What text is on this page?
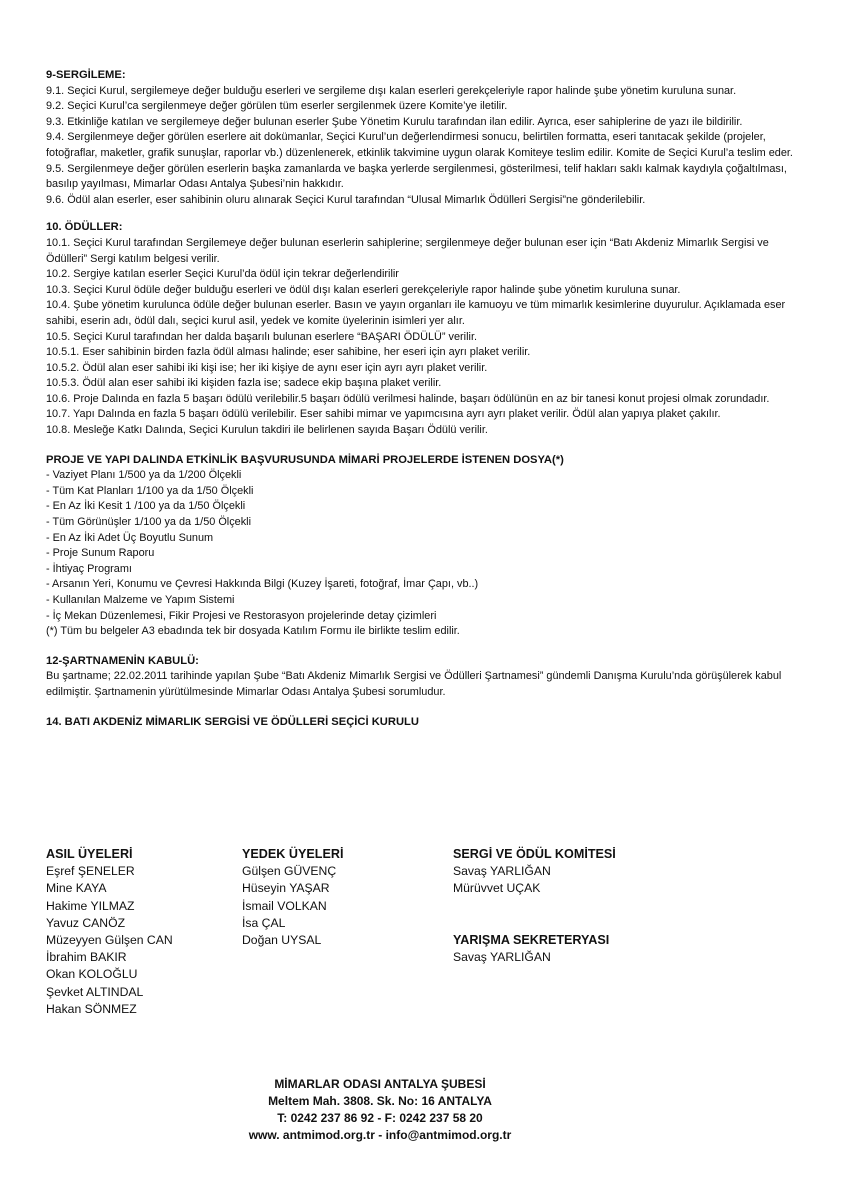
9-SERGİLEME:

9.1. Seçici Kurul, sergilemeye değer bulduğu eserleri ve sergileme dışı kalan eserleri gerekçeleriyle rapor halinde şube yönetim kuruluna sunar.

9.2. Seçici Kurul’ca sergilenmeye değer görülen tüm eserler sergilenmek üzere Komite’ye iletilir.

9.3. Etkinliğe katılan ve sergilemeye değer bulunan eserler Şube Yönetim Kurulu tarafından ilan edilir. Ayrıca, eser sahiplerine de yazı ile bildirilir.

9.4. Sergilenmeye değer görülen eserlere ait dokümanlar, Seçici Kurul’un değerlendirmesi sonucu, belirtilen formatta, eseri tanıtacak şekilde (projeler, fotoğraflar, maketler, grafik sunuşlar, raporlar vb.) düzenlenerek, etkinlik takvimine uygun olarak Komiteye teslim edilir. Komite de Seçici Kurul’a teslim eder.

9.5. Sergilenmeye değer görülen eserlerin başka zamanlarda ve başka yerlerde sergilenmesi, gösterilmesi, telif hakları saklı kalmak kaydıyla çoğaltılması, basılıp yayılması, Mimarlar Odası Antalya Şubesi’nin hakkıdır.

9.6. Ödül alan eserler, eser sahibinin oluru alınarak Seçici Kurul tarafından “Ulusal Mimarlık Ödülleri Sergisi”ne gönderilebilir.

10. ÖDÜLLER:

10.1. Seçici Kurul tarafından Sergilemeye değer bulunan eserlerin sahiplerine; sergilenmeye değer bulunan eser için “Batı Akdeniz Mimarlık Sergisi ve Ödülleri” Sergi katılım belgesi verilir.

10.2. Sergiye katılan eserler Seçici Kurul’da ödül için tekrar değerlendirilir

10.3. Seçici Kurul ödüle değer bulduğu eserleri ve ödül dışı kalan eserleri gerekçeleriyle rapor halinde şube yönetim kuruluna sunar.

10.4. Şube yönetim kurulunca ödüle değer bulunan eserler. Basın ve yayın organları ile kamuoyu ve tüm mimarlık kesimlerine duyurulur. Açıklamada eser sahibi, eserin adı, ödül dalı, seçici kurul asil, yedek ve komite üyelerinin isimleri yer alır.

10.5. Seçici Kurul tarafından her dalda başarılı bulunan eserlere “BAŞARI ÖDÜLÜ” verilir.

10.5.1. Eser sahibinin birden fazla ödül alması halinde; eser sahibine, her eseri için ayrı plaket verilir.

10.5.2. Ödül alan eser sahibi iki kişi ise; her iki kişiye de aynı eser için ayrı ayrı plaket verilir.

10.5.3. Ödül alan eser sahibi iki kişiden fazla ise; sadece ekip başına plaket verilir.

10.6. Proje Dalında en fazla 5 başarı ödülü verilebilir.5 başarı ödülü verilmesi halinde, başarı ödülünün en az bir tanesi konut projesi olmak zorundadır.

10.7. Yapı Dalında en fazla 5 başarı ödülü verilebilir. Eser sahibi mimar ve yapımcısına ayrı ayrı plaket verilir. Ödül alan yapıya plaket çakılır.

10.8. Mesleğe Katkı Dalında, Seçici Kurulun takdiri ile belirlenen sayıda Başarı Ödülü verilir.

PROJE VE YAPI DALINDA ETKİNLİK BAŞVURUSUNDA MİMARİ PROJELERDE İSTENEN DOSYA(*)

- Vaziyet Planı 1/500 ya da 1/200 Ölçekli

- Tüm Kat Planları 1/100 ya da 1/50 Ölçekli

- En Az İki Kesit 1 /100 ya da 1/50 Ölçekli

- Tüm Görünüşler 1/100 ya da 1/50 Ölçekli

- En Az İki Adet Üç Boyutlu Sunum

- Proje Sunum Raporu

- İhtiyaç Programı

- Arsanın Yeri, Konumu ve Çevresi Hakkında Bilgi (Kuzey İşareti, fotoğraf, İmar Çapı, vb..)

- Kullanılan Malzeme ve Yapım Sistemi

- İç Mekan Düzenlemesi, Fikir Projesi ve Restorasyon projelerinde detay çizimleri

(*) Tüm bu belgeler A3 ebadında tek bir dosyada Katılım Formu ile birlikte teslim edilir.

12-ŞARTNAMENİN KABULÜ:

Bu şartname; 22.02.2011 tarihinde yapılan Şube “Batı Akdeniz Mimarlık Sergisi ve Ödülleri Şartnamesi” gündemli Danışma Kurulu’nda görüşülerek kabul edilmiştir. Şartnamenin yürütülmesinde Mimarlar Odası Antalya Şubesi sorumludur.

14. BATI AKDENİZ MİMARLIK SERGİSİ VE ÖDÜLLERİ SEÇİCİ KURULU

ASIL ÜYELERİ

Eşref ŞENELER
Mine KAYA
Hakime YILMAZ
Yavuz CANÖZ
Müzeyyen Gülşen CAN
İbrahim BAKIR
Okan KOLOĞLU
Şevket ALTINDAL
Hakan SÖNMEZ

YEDEK ÜYELERİ

Gülşen GÜVENÇ
Hüseyin YAŞAR
İsmail VOLKAN
İsa ÇAL
Doğan UYSAL

SERGİ VE ÖDÜL KOMİTESİ

Savaş YARLIĞAN
Mürüvvet UÇAK

YARIŞMA SEKRETERYASI

Savaş YARLIĞAN
MİMARLAR ODASI ANTALYA ŞUBESİ
Meltem Mah. 3808. Sk. No: 16 ANTALYA
T: 0242 237 86 92 - F: 0242 237 58 20
www. antmimod.org.tr - info@antmimod.org.tr
